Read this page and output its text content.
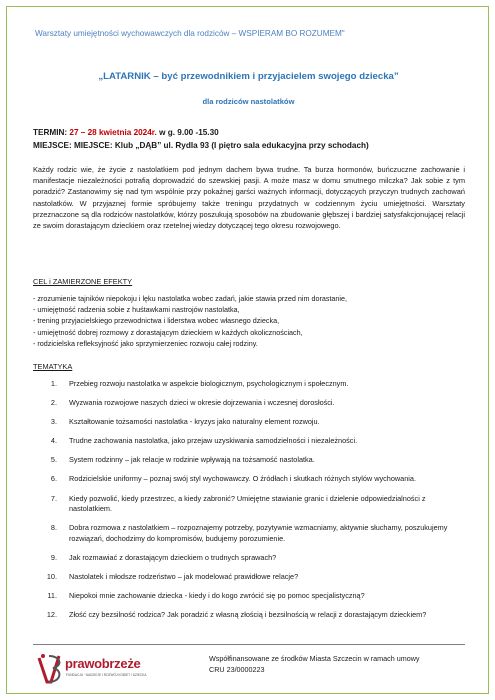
Warsztaty umiejętności wychowawczych dla rodziców – WSPIERAM BO ROZUMEM"
„LATARNIK – być przewodnikiem i przyjacielem swojego dziecka”
dla rodziców nastolatków
TERMIN: 27 – 28 kwietnia 2024r. w g. 9.00 -15.30
MIEJSCE: MIEJSCE: Klub „DĄB” ul. Rydla 93 (I piętro sala edukacyjna przy schodach)

Każdy rodzic wie, że życie z nastolatkiem pod jednym dachem bywa trudne. Ta burza hormonów, buńczuczne zachowanie i manifestacje niezależności potrafią doprowadzić do szewskiej pasji. A może masz w domu smutnego milczka? Jak sobie z tym poradzić? Zastanowimy się nad tym wspólnie przy pokaźnej garści ważnych informacji, dotyczących przyczyn trudnych zachowań nastolatków. W przyjaznej formie spróbujemy także treningu przydatnych w codziennym życiu umiejętności. Warsztaty przeznaczone są dla rodziców nastolatków, którzy poszukują sposobów na zbudowanie głębszej i bardziej satysfakcjonującej relacji ze swoim dorastającym dzieckiem oraz rzetelnej wiedzy dotyczącej tego okresu rozwojowego.

CEL i ZAMIERZONE EFEKTY
- zrozumienie tajników niepokoju i lęku nastolatka wobec zadań, jakie stawia przed nim dorastanie,
- umiejętność radzenia sobie z huśtawkami nastrojów nastolatka,
- trening przyjacielskiego przewodnictwa i liderstwa wobec własnego dziecka,
- umiejętność dobrej rozmowy z dorastającym dzieckiem w każdych okolicznościach,
- rodzicielska refleksyjność jako sprzymierzeniec rozwoju całej rodziny.
TEMATYKA
1.	Przebieg rozwoju nastolatka w aspekcie biologicznym, psychologicznym i społecznym.
2.	Wyzwania rozwojowe naszych dzieci w okresie dojrzewania i wczesnej dorosłości.
3.	Kształtowanie tożsamości nastolatka - kryzys jako naturalny element rozwoju.
4.	Trudne zachowania nastolatka, jako przejaw uzyskiwania samodzielności i niezależności.
5.	System rodzinny – jak relacje w rodzinie wpływają na tożsamość nastolatka.
6.	Rodzicielskie uniformy – poznaj swój styl wychowawczy. O źródłach i skutkach różnych stylów wychowania.
7.	Kiedy pozwolić, kiedy przestrzec, a kiedy zabronić? Umiejętne stawianie granic i dzielenie odpowiedzialności z nastolatkiem.
8.	Dobra rozmowa z nastolatkiem – rozpoznajemy potrzeby, pozytywnie wzmacniamy, aktywnie słuchamy, poszukujemy rozwiązań, dochodzimy do kompromisów, budujemy porozumienie.
9.	Jak rozmawiać z dorastającym dzieckiem o trudnych sprawach?
10.	Nastolatek i młodsze rodzeństwo – jak modelować prawidłowe relacje?
11.	Niepokoi mnie zachowanie dziecka - kiedy i do kogo zwrócić się po pomoc specjalistyczną?
12.	Złość czy bezsilność rodzica? Jak poradzić z własną złością i bezsilnością w relacji z dorastającym dzieckiem?
prawobrzeże
FUNDACJA · NADZIEJE I ROZWÓJ KOBIET I DZIECKA
Współfinansowane ze środków Miasta Szczecin w ramach umowy
CRU 23/0000223
